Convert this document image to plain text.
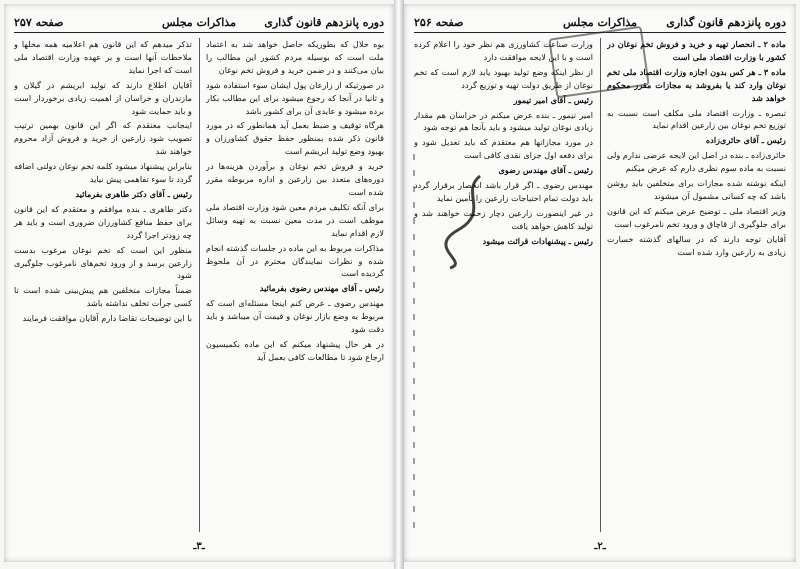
دوره پانزدهم قانون گذاری
مذاکرات مجلس
صفحه ۲۵۷

بوه حلال که بطوریکه حاصل خواهد شد به اعتماد ملت است که بوسیله مردم کشور این مطالب را بیان می‌کنند و در ضمن خرید و فروش تخم نوغان

در صورتیکه از زارعان پول ایشان سوء استفاده شود و ثانیا در آنجا که رجوع میشود برای این مطالب بکار برده میشود و عایدی آن برای کشور باشد

هرگاه توقیف و ضبط بعمل آید همانطور که در مورد قانون ذکر شده بمنظور حفظ حقوق کشاورزان و بهبود وضع تولید ابریشم است

خرید و فروش تخم نوغان و برآوردن هزینه‌ها در دوره‌های متعدد بین زارعین و اداره مربوطه مقرر شده است

برای آنکه تکلیف مردم معین شود وزارت اقتصاد ملی موظف است در مدت معین نسبت به تهیه وسائل لازم اقدام نماید

مذاکرات مربوط به این ماده در جلسات گذشته انجام شده و نظرات نمایندگان محترم در آن ملحوظ گردیده است

رئیس ـ آقای مهندس رضوی بفرمائید

مهندس رضوی ـ عرض کنم اینجا مسئله‌ای است که مربوط به وضع بازار نوغان و قیمت آن میباشد و باید دقت شود

در هر حال پیشنهاد میکنم که این ماده بکمیسیون ارجاع شود تا مطالعات کافی بعمل آید

تذکر میدهم که این قانون هم اعلامیه همه محلها و ملاحظات آنها است و بر عهده وزارت اقتصاد ملی است که اجرا نماید

آقایان اطلاع دارند که تولید ابریشم در گیلان و مازندران و خراسان از اهمیت زیادی برخوردار است و باید حمایت شود

اینجانب معتقدم که اگر این قانون بهمین ترتیب تصویب شود زارعین از خرید و فروش آزاد محروم خواهند شد

بنابراین پیشنهاد میشود کلمه تخم نوغان دولتی اضافه گردد تا سوء تفاهمی پیش نیاید

رئیس ـ آقای دکتر طاهری بفرمائید

دکتر طاهری ـ بنده موافقم و معتقدم که این قانون برای حفظ منافع کشاورزان ضروری است و باید هر چه زودتر اجرا گردد

منظور این است که تخم نوغان مرغوب بدست زارعین برسد و از ورود تخم‌های نامرغوب جلوگیری شود

ضمناً مجازات متخلفین هم پیش‌بینی شده است تا کسی جرأت تخلف نداشته باشد

با این توضیحات تقاضا دارم آقایان موافقت فرمایند

ـ۳ـ
دوره پانزدهم قانون گذاری
مذاکرات مجلس
صفحه ۲۵۶

ماده ۲ ـ انحصار تهیه و خرید و فروش تخم نوغان در کشور با وزارت اقتصاد ملی است

ماده ۳ ـ هر کس بدون اجازه وزارت اقتصاد ملی تخم نوغان وارد کند یا بفروشد به مجازات مقرر محکوم خواهد شد

تبصره ـ وزارت اقتصاد ملی مکلف است نسبت به توزیع تخم نوغان بین زارعین اقدام نماید

رئیس ـ آقای حائری‌زاده

حائری‌زاده ـ بنده در اصل این لایحه عرضی ندارم ولی نسبت به ماده سوم نظری دارم که عرض میکنم

اینکه نوشته شده مجازات برای متخلفین باید روشن باشد که چه کسانی مشمول آن میشوند

وزیر اقتصاد ملی ـ توضیح عرض میکنم که این قانون برای جلوگیری از قاچاق و ورود تخم نامرغوب است

آقایان توجه دارند که در سالهای گذشته خسارت زیادی به زارعین وارد شده است

وزارت صناعت کشاورزی هم نظر خود را اعلام کرده است و با این لایحه موافقت دارد

از نظر اینکه وضع تولید بهبود یابد لازم است که تخم نوغان از طریق دولت تهیه و توزیع گردد

رئیس ـ آقای امیر تیمور

امیر تیمور ـ بنده عرض میکنم در خراسان هم مقدار زیادی نوغان تولید میشود و باید بآنجا هم توجه شود

در مورد مجازاتها هم معتقدم که باید تعدیل شود و برای دفعه اول جزای نقدی کافی است

رئیس ـ آقای مهندس رضوی

مهندس رضوی ـ اگر قرار باشد انحصار برقرار گردد باید دولت تمام احتیاجات زارعین را تأمین نماید

در غیر اینصورت زارعین دچار زحمت خواهند شد و تولید کاهش خواهد یافت

رئیس ـ پیشنهادات قرائت میشود

ـ۲ـ
